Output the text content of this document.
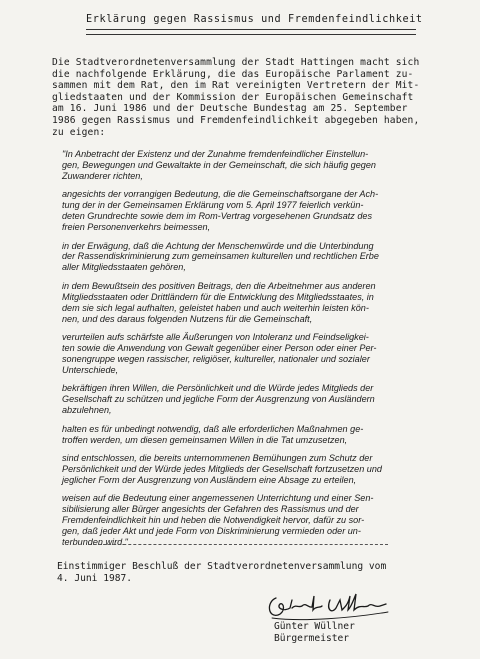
Erklärung gegen Rassismus und Fremdenfeindlichkeit
Die Stadtverordnetenversammlung der Stadt Hattingen macht sich
die nachfolgende Erklärung, die das Europäische Parlament zu-
sammen mit dem Rat, den im Rat vereinigten Vertretern der Mit-
gliedstaaten und der Kommission der Europäischen Gemeinschaft
am 16. Juni 1986 und der Deutsche Bundestag am 25. September
1986 gegen Rassismus und Fremdenfeindlichkeit abgegeben haben,
zu eigen:
"In Anbetracht der Existenz und der Zunahme fremdenfeindlicher Einstellun-
gen, Bewegungen und Gewaltakte in der Gemeinschaft, die sich häufig gegen
Zuwanderer richten,
angesichts der vorrangigen Bedeutung, die die Gemeinschaftsorgane der Ach-
tung der in der Gemeinsamen Erklärung vom 5. April 1977 feierlich verkün-
deten Grundrechte sowie dem im Rom-Vertrag vorgesehenen Grundsatz des
freien Personenverkehrs beimessen,
in der Erwägung, daß die Achtung der Menschenwürde und die Unterbindung
der Rassendiskriminierung zum gemeinsamen kulturellen und rechtlichen Erbe
aller Mitgliedsstaaten gehören,
in dem Bewußtsein des positiven Beitrags, den die Arbeitnehmer aus anderen
Mitgliedsstaaten oder Drittländern für die Entwicklung des Mitgliedsstaates, in
dem sie sich legal aufhalten, geleistet haben und auch weiterhin leisten kön-
nen, und des daraus folgenden Nutzens für die Gemeinschaft,
verurteilen aufs schärfste alle Äußerungen von Intoleranz und Feindseligkei-
ten sowie die Anwendung von Gewalt gegenüber einer Person oder einer Per-
sonengruppe wegen rassischer, religiöser, kultureller, nationaler und sozialer
Unterschiede,
bekräftigen ihren Willen, die Persönlichkeit und die Würde jedes Mitglieds der
Gesellschaft zu schützen und jegliche Form der Ausgrenzung von Ausländern
abzulehnen,
halten es für unbedingt notwendig, daß alle erforderlichen Maßnahmen ge-
troffen werden, um diesen gemeinsamen Willen in die Tat umzusetzen,
sind entschlossen, die bereits unternommenen Bemühungen zum Schutz der
Persönlichkeit und der Würde jedes Mitglieds der Gesellschaft fortzusetzen und
jeglicher Form der Ausgrenzung von Ausländern eine Absage zu erteilen,
weisen auf die Bedeutung einer angemessenen Unterrichtung und einer Sen-
sibilisierung aller Bürger angesichts der Gefahren des Rassismus und der
Fremdenfeindlichkeit hin und heben die Notwendigkeit hervor, dafür zu sor-
gen, daß jeder Akt und jede Form von Diskriminierung vermieden oder un-
terbunden wird."
Einstimmiger Beschluß der Stadtverordnetenversammlung vom
4. Juni 1987.
Günter Wüllner
Bürgermeister
